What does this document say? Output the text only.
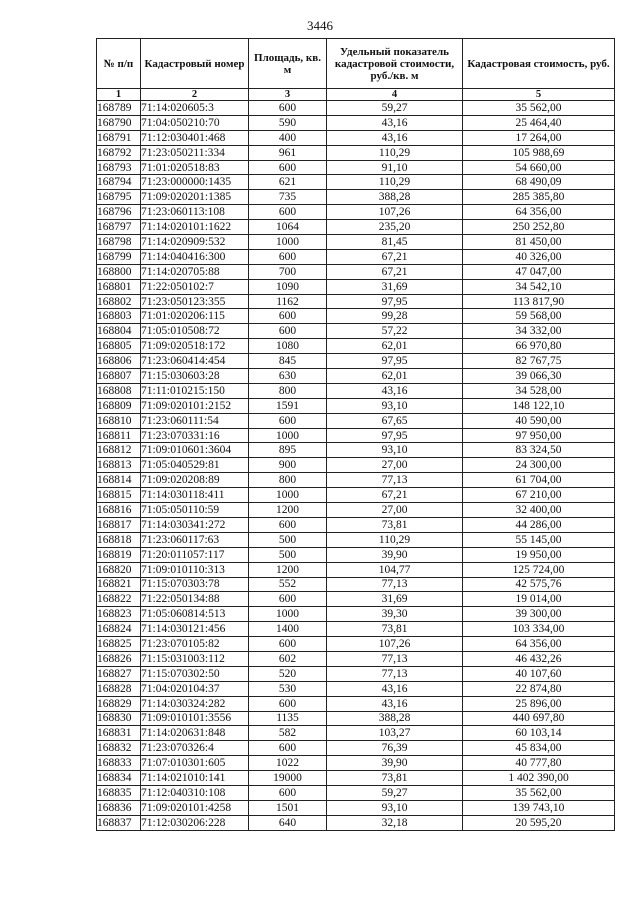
3446
№ п/п	Кадастровый номер	Площадь, кв. м	Удельный показатель кадастровой стоимости, руб./кв. м	Кадастровая стоимость, руб.
1	2	3	4	5
168789	71:14:020605:3	600	59,27	35 562,00
168790	71:04:050210:70	590	43,16	25 464,40
168791	71:12:030401:468	400	43,16	17 264,00
168792	71:23:050211:334	961	110,29	105 988,69
168793	71:01:020518:83	600	91,10	54 660,00
168794	71:23:000000:1435	621	110,29	68 490,09
168795	71:09:020201:1385	735	388,28	285 385,80
168796	71:23:060113:108	600	107,26	64 356,00
168797	71:14:020101:1622	1064	235,20	250 252,80
168798	71:14:020909:532	1000	81,45	81 450,00
168799	71:14:040416:300	600	67,21	40 326,00
168800	71:14:020705:88	700	67,21	47 047,00
168801	71:22:050102:7	1090	31,69	34 542,10
168802	71:23:050123:355	1162	97,95	113 817,90
168803	71:01:020206:115	600	99,28	59 568,00
168804	71:05:010508:72	600	57,22	34 332,00
168805	71:09:020518:172	1080	62,01	66 970,80
168806	71:23:060414:454	845	97,95	82 767,75
168807	71:15:030603:28	630	62,01	39 066,30
168808	71:11:010215:150	800	43,16	34 528,00
168809	71:09:020101:2152	1591	93,10	148 122,10
168810	71:23:060111:54	600	67,65	40 590,00
168811	71:23:070331:16	1000	97,95	97 950,00
168812	71:09:010601:3604	895	93,10	83 324,50
168813	71:05:040529:81	900	27,00	24 300,00
168814	71:09:020208:89	800	77,13	61 704,00
168815	71:14:030118:411	1000	67,21	67 210,00
168816	71:05:050110:59	1200	27,00	32 400,00
168817	71:14:030341:272	600	73,81	44 286,00
168818	71:23:060117:63	500	110,29	55 145,00
168819	71:20:011057:117	500	39,90	19 950,00
168820	71:09:010110:313	1200	104,77	125 724,00
168821	71:15:070303:78	552	77,13	42 575,76
168822	71:22:050134:88	600	31,69	19 014,00
168823	71:05:060814:513	1000	39,30	39 300,00
168824	71:14:030121:456	1400	73,81	103 334,00
168825	71:23:070105:82	600	107,26	64 356,00
168826	71:15:031003:112	602	77,13	46 432,26
168827	71:15:070302:50	520	77,13	40 107,60
168828	71:04:020104:37	530	43,16	22 874,80
168829	71:14:030324:282	600	43,16	25 896,00
168830	71:09:010101:3556	1135	388,28	440 697,80
168831	71:14:020631:848	582	103,27	60 103,14
168832	71:23:070326:4	600	76,39	45 834,00
168833	71:07:010301:605	1022	39,90	40 777,80
168834	71:14:021010:141	19000	73,81	1 402 390,00
168835	71:12:040310:108	600	59,27	35 562,00
168836	71:09:020101:4258	1501	93,10	139 743,10
168837	71:12:030206:228	640	32,18	20 595,20
